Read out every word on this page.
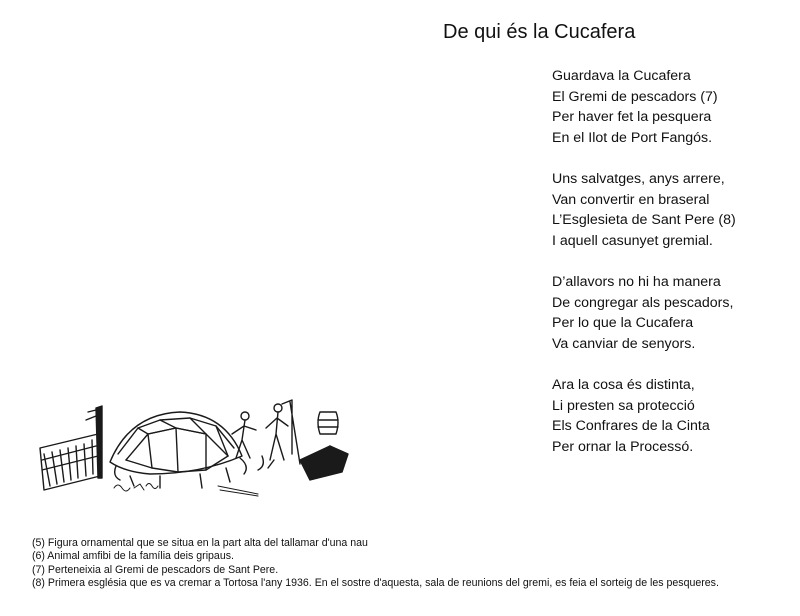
De qui és la Cucafera
Guardava la Cucafera
El Gremi de pescadors (7)
Per haver fet la pesquera
En el Ilot de Port Fangós.
Uns salvatges, anys arrere,
Van convertir en braseral
L’Esglesieta de Sant Pere (8)
I aquell casunyet gremial.
D’allavors no hi ha manera
De congregar als pescadors,
Per lo que la Cucafera
Va canviar de senyors.
Ara la cosa és distinta,
Li presten sa protecció
Els Confrares de la Cinta
Per ornar la Processó.
(5) Figura ornamental que se situa en la part alta del tallamar d'una nau
(6) Animal amfibi de la família deis gripaus.
(7) Perteneixia al Gremi de pescadors de Sant Pere.
(8) Primera església que es va cremar a Tortosa l'any 1936. En el sostre d'aquesta, sala de reunions del gremi, es feia el sorteig de les pesqueres.
